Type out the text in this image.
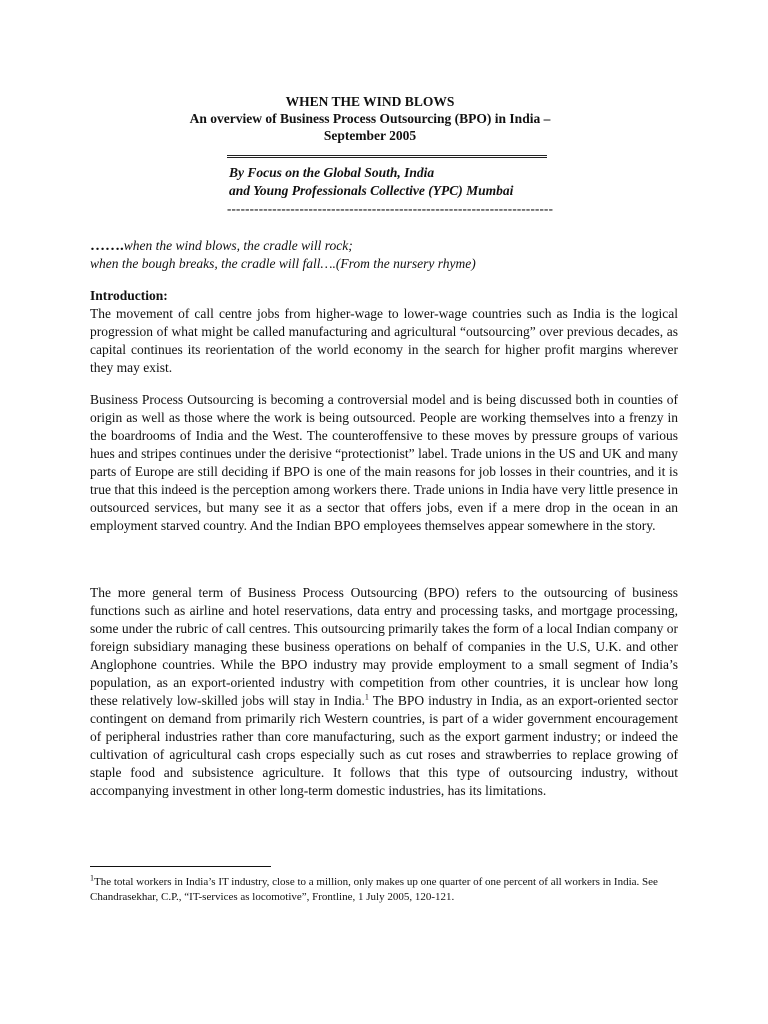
WHEN THE WIND BLOWS
An overview of Business Process Outsourcing (BPO) in India –
September 2005
By Focus on the Global South, India
and Young Professionals Collective (YPC) Mumbai
------------------------------------------------------------------------
…….when the wind blows, the cradle will rock;
when the bough breaks, the cradle will fall….(From the nursery rhyme)
Introduction:

The movement of call centre jobs from higher-wage to lower-wage countries such as India is the logical progression of what might be called manufacturing and agricultural “outsourcing” over previous decades, as capital continues its reorientation of the world economy in the search for higher profit margins wherever they may exist.

Business Process Outsourcing is becoming a controversial model and is being discussed both in counties of origin as well as those where the work is being outsourced. People are working themselves into a frenzy in the boardrooms of India and the West. The counteroffensive to these moves by pressure groups of various hues and stripes continues under the derisive “protectionist” label. Trade unions in the US and UK and many parts of Europe are still deciding if BPO is one of the main reasons for job losses in their countries, and it is true that this indeed is the perception among workers there. Trade unions in India have very little presence in outsourced services, but many see it as a sector that offers jobs, even if a mere drop in the ocean in an employment starved country. And the Indian BPO employees themselves appear somewhere in the story.

The more general term of Business Process Outsourcing (BPO) refers to the outsourcing of business functions such as airline and hotel reservations, data entry and processing tasks, and mortgage processing, some under the rubric of call centres. This outsourcing primarily takes the form of a local Indian company or foreign subsidiary managing these business operations on behalf of companies in the U.S, U.K. and other Anglophone countries. While the BPO industry may provide employment to a small segment of India’s population, as an export-oriented industry with competition from other countries, it is unclear how long these relatively low-skilled jobs will stay in India.$^1$ The BPO industry in India, as an export-oriented sector contingent on demand from primarily rich Western countries, is part of a wider government encouragement of peripheral industries rather than core manufacturing, such as the export garment industry; or indeed the cultivation of agricultural cash crops especially such as cut roses and strawberries to replace growing of staple food and subsistence agriculture. It follows that this type of outsourcing industry, without accompanying investment in other long-term domestic industries, has its limitations.

$^1$The total workers in India’s IT industry, close to a million, only makes up one quarter of one percent of all workers in India. See Chandrasekhar, C.P., “IT-services as locomotive”, Frontline, 1 July 2005, 120-121.
